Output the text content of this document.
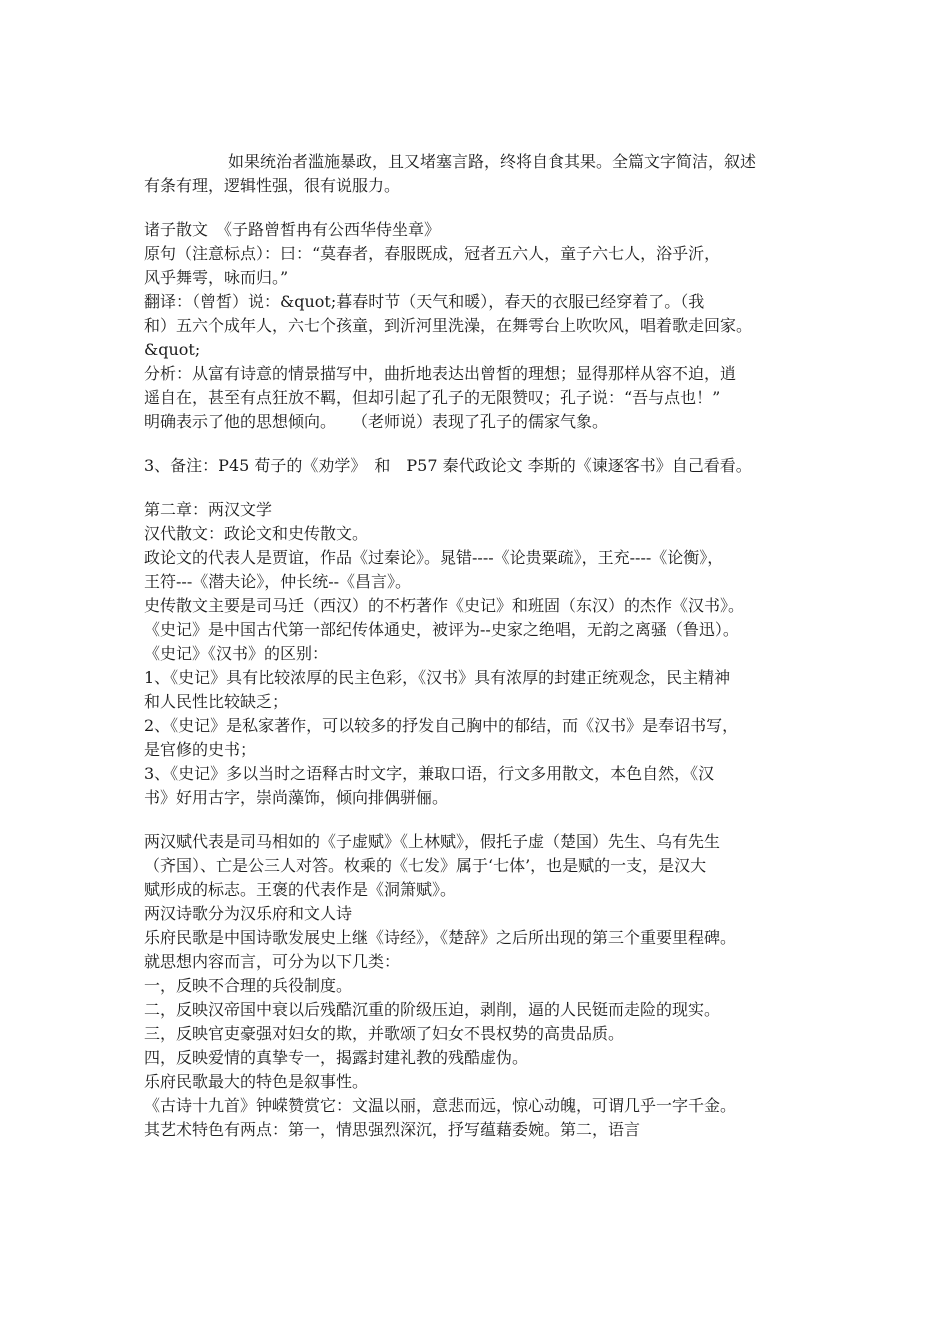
如果统治者滥施暴政，且又堵塞言路，终将自食其果。全篇文字简洁，叙述
有条有理，逻辑性强，很有说服力。
诸子散文　《子路曾皙冉有公西华侍坐章》
原句（注意标点）：曰：“莫春者，春服既成，冠者五六人，童子六七人，浴乎沂，
风乎舞雩，咏而归。”
翻译：（曾皙）说：&quot;暮春时节（天气和暖），春天的衣服已经穿着了。（我
和）五六个成年人，六七个孩童，到沂河里洗澡，在舞雩台上吹吹风，唱着歌走回家。
&quot;
分析：从富有诗意的情景描写中，曲折地表达出曾皙的理想；显得那样从容不迫，逍
遥自在，甚至有点狂放不羁，但却引起了孔子的无限赞叹；孔子说：“吾与点也！”
明确表示了他的思想倾向。　　（老师说）表现了孔子的儒家气象。
3、备注：P45 荀子的《劝学》　和　P57 秦代政论文 李斯的《谏逐客书》自己看看。
第二章：两汉文学
汉代散文：政论文和史传散文。
政论文的代表人是贾谊，作品《过秦论》。晁错----《论贵粟疏》，王充----《论衡》，
王符---《潜夫论》，仲长统--《昌言》。
史传散文主要是司马迁（西汉）的不朽著作《史记》和班固（东汉）的杰作《汉书》。
《史记》是中国古代第一部纪传体通史，被评为--史家之绝唱，无韵之离骚（鲁迅）。
《史记》《汉书》的区别：
1、《史记》具有比较浓厚的民主色彩，《汉书》具有浓厚的封建正统观念，民主精神
和人民性比较缺乏；
2、《史记》是私家著作，可以较多的抒发自己胸中的郁结，而《汉书》是奉诏书写，
是官修的史书；
3、《史记》多以当时之语释古时文字，兼取口语，行文多用散文，本色自然，《汉
书》好用古字，崇尚藻饰，倾向排偶骈俪。
两汉赋代表是司马相如的《子虚赋》《上林赋》，假托子虚（楚国）先生、乌有先生
（齐国）、亡是公三人对答。枚乘的《七发》属于‘七体’，也是赋的一支，是汉大
赋形成的标志。王褒的代表作是《洞箫赋》。
两汉诗歌分为汉乐府和文人诗
乐府民歌是中国诗歌发展史上继《诗经》，《楚辞》之后所出现的第三个重要里程碑。
就思想内容而言，可分为以下几类：
一，反映不合理的兵役制度。
二，反映汉帝国中衰以后残酷沉重的阶级压迫，剥削，逼的人民铤而走险的现实。
三，反映官吏豪强对妇女的欺，并歌颂了妇女不畏权势的高贵品质。
四，反映爱情的真挚专一，揭露封建礼教的残酷虚伪。
乐府民歌最大的特色是叙事性。
《古诗十九首》钟嵘赞赏它：文温以丽，意悲而远，惊心动魄，可谓几乎一字千金。
其艺术特色有两点：第一，情思强烈深沉，抒写蕴藉委婉。第二，语言
